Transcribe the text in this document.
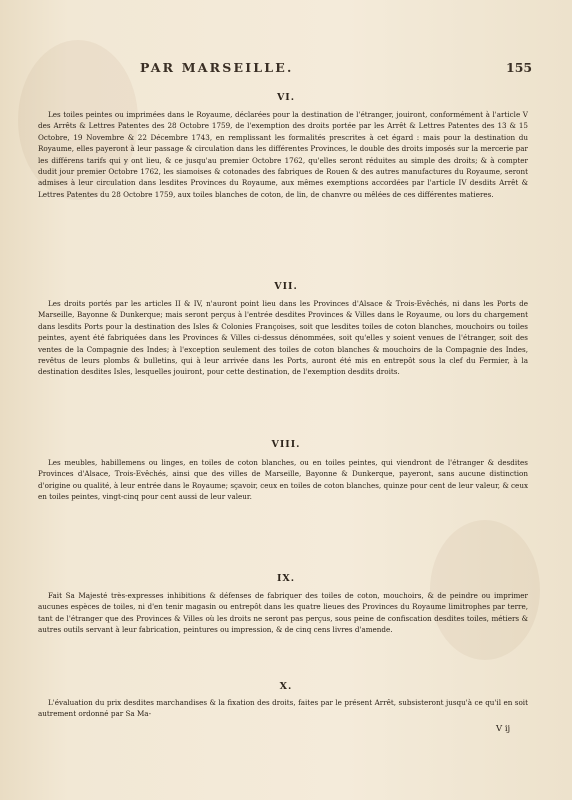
PAR MARSEILLE.	155
VI.
Les toiles peintes ou imprimées dans le Royaume, déclarées pour la destination de l'étranger, jouiront, conformément à l'article V des Arrêts & Lettres Patentes des 28 Octobre 1759, de l'exemption des droits portée par les Arrêt & Lettres Patentes des 13 & 15 Octobre, 19 Novembre & 22 Décembre 1743, en remplissant les formalités prescrites à cet égard : mais pour la destination du Royaume, elles payeront à leur passage & circulation dans les différentes Provinces, le double des droits imposés sur la mercerie par les différens tarifs qui y ont lieu, & ce jusqu'au premier Octobre 1762, qu'elles seront réduites au simple des droits; & à compter dudit jour premier Octobre 1762, les siamoises & cotonades des fabriques de Rouen & des autres manufactures du Royaume, seront admises à leur circulation dans lesdites Provinces du Royaume, aux mêmes exemptions accordées par l'article IV desdits Arrêt & Lettres Patentes du 28 Octobre 1759, aux toiles blanches de coton, de lin, de chanvre ou mêlées de ces différentes matieres.
VII.
Les droits portés par les articles II & IV, n'auront point lieu dans les Provinces d'Alsace & Trois-Evêchés, ni dans les Ports de Marseille, Bayonne & Dunkerque; mais seront perçus à l'entrée desdites Provinces & Villes dans le Royaume, ou lors du chargement dans lesdits Ports pour la destination des Isles & Colonies Françoises, soit que lesdites toiles de coton blanches, mouchoirs ou toiles peintes, ayent été fabriquées dans les Provinces & Villes ci-dessus dénommées, soit qu'elles y soient venues de l'étranger, soit des ventes de la Compagnie des Indes; à l'exception seulement des toiles de coton blanches & mouchoirs de la Compagnie des Indes, revêtus de leurs plombs & bulletins, qui à leur arrivée dans les Ports, auront été mis en entrepôt sous la clef du Fermier, à la destination desdites Isles, lesquelles jouiront, pour cette destination, de l'exemption desdits droits.
VIII.
Les meubles, habillemens ou linges, en toiles de coton blanches, ou en toiles peintes, qui viendront de l'étranger & desdites Provinces d'Alsace, Trois-Evêchés, ainsi que des villes de Marseille, Bayonne & Dunkerque, payeront, sans aucune distinction d'origine ou qualité, à leur entrée dans le Royaume; sçavoir, ceux en toiles de coton blanches, quinze pour cent de leur valeur, & ceux en toiles peintes, vingt-cinq pour cent aussi de leur valeur.
IX.
Fait Sa Majesté très-expresses inhibitions & défenses de fabriquer des toiles de coton, mouchoirs, & de peindre ou imprimer aucunes espèces de toiles, ni d'en tenir magasin ou entrepôt dans les quatre lieues des Provinces du Royaume limitrophes par terre, tant de l'étranger que des Provinces & Villes où les droits ne seront pas perçus, sous peine de confiscation desdites toiles, métiers & autres outils servant à leur fabrication, peintures ou impression, & de cinq cens livres d'amende.
X.
L'évaluation du prix desdites marchandises & la fixation des droits, faites par le présent Arrêt, subsisteront jusqu'à ce qu'il en soit autrement ordonné par Sa Ma-
V ij
